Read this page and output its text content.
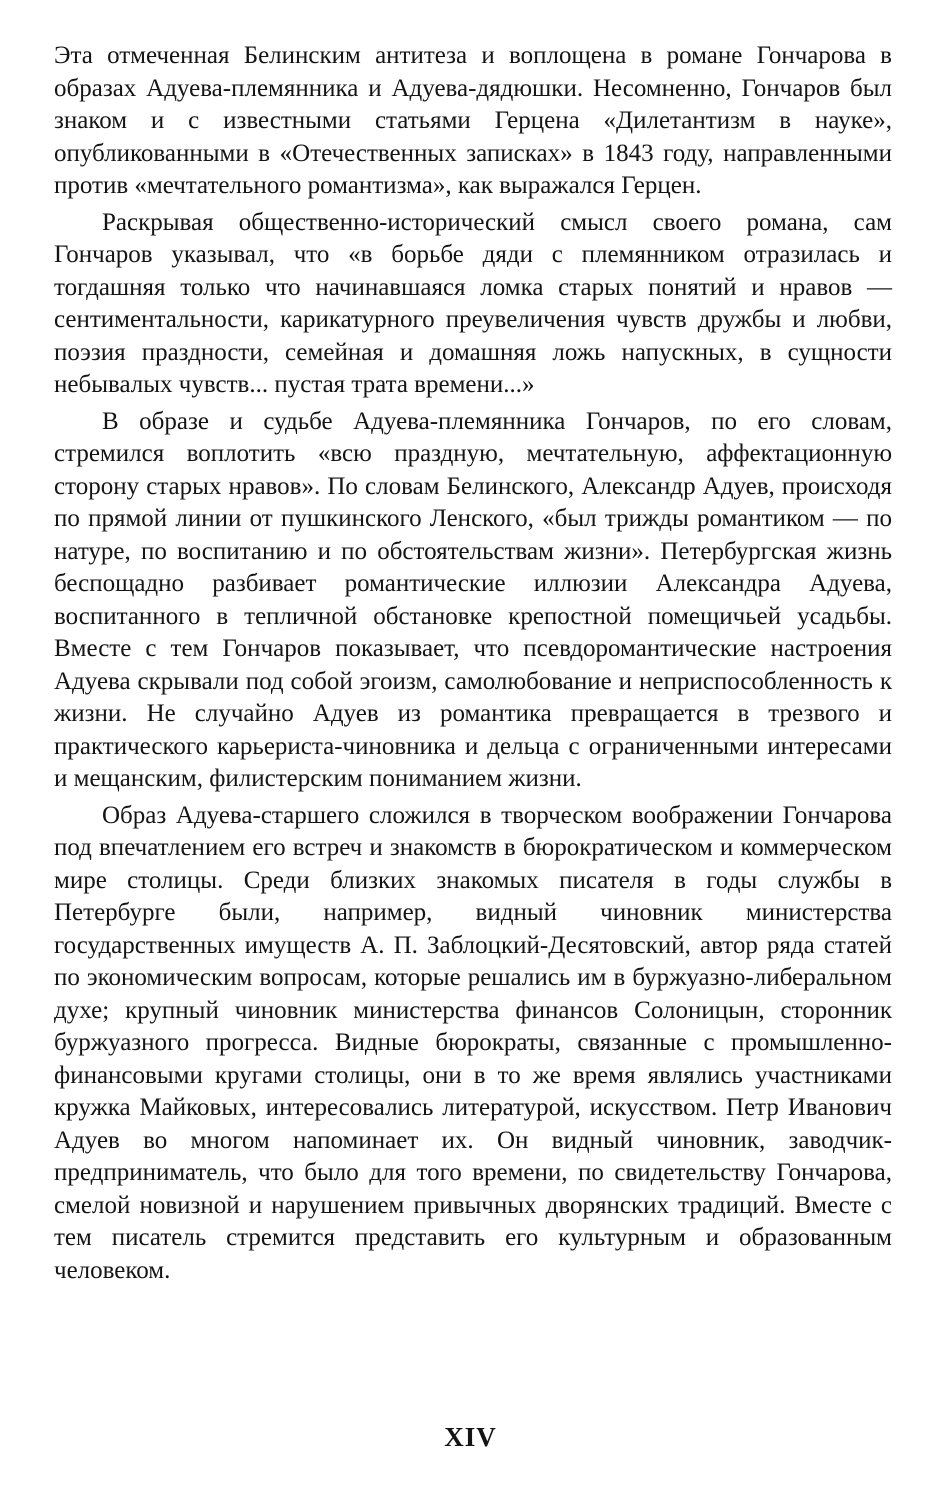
Эта отмеченная Белинским антитеза и воплощена в романе Гончарова в образах Адуева-племянника и Адуева-дядюшки. Несомненно, Гончаров был знаком и с известными статьями Герцена «Дилетантизм в науке», опубликованными в «Отечественных записках» в 1843 году, направленными против «мечтательного романтизма», как выражался Герцен.

Раскрывая общественно-исторический смысл своего романа, сам Гончаров указывал, что «в борьбе дяди с племянником отразилась и тогдашняя только что начинавшаяся ломка старых понятий и нравов — сентиментальности, карикатурного преувеличения чувств дружбы и любви, поэзия праздности, семейная и домашняя ложь напускных, в сущности небывалых чувств... пустая трата времени...»

В образе и судьбе Адуева-племянника Гончаров, по его словам, стремился воплотить «всю праздную, мечтательную, аффектационную сторону старых нравов». По словам Белинского, Александр Адуев, происходя по прямой линии от пушкинского Ленского, «был трижды романтиком — по натуре, по воспитанию и по обстоятельствам жизни». Петербургская жизнь беспощадно разбивает романтические иллюзии Александра Адуева, воспитанного в тепличной обстановке крепостной помещичьей усадьбы. Вместе с тем Гончаров показывает, что псевдоромантические настроения Адуева скрывали под собой эгоизм, самолюбование и неприспособленность к жизни. Не случайно Адуев из романтика превращается в трезвого и практического карьериста-чиновника и дельца с ограниченными интересами и мещанским, филистерским пониманием жизни.

Образ Адуева-старшего сложился в творческом воображении Гончарова под впечатлением его встреч и знакомств в бюрократическом и коммерческом мире столицы. Среди близких знакомых писателя в годы службы в Петербурге были, например, видный чиновник министерства государственных имуществ А. П. Заблоцкий-Десятовский, автор ряда статей по экономическим вопросам, которые решались им в буржуазно-либеральном духе; крупный чиновник министерства финансов Солоницын, сторонник буржуазного прогресса. Видные бюрократы, связанные с промышленно-финансовыми кругами столицы, они в то же время являлись участниками кружка Майковых, интересовались литературой, искусством. Петр Иванович Адуев во многом напоминает их. Он видный чиновник, заводчик-предприниматель, что было для того времени, по свидетельству Гончарова, смелой новизной и нарушением привычных дворянских традиций. Вместе с тем писатель стремится представить его культурным и образованным человеком.

XIV
